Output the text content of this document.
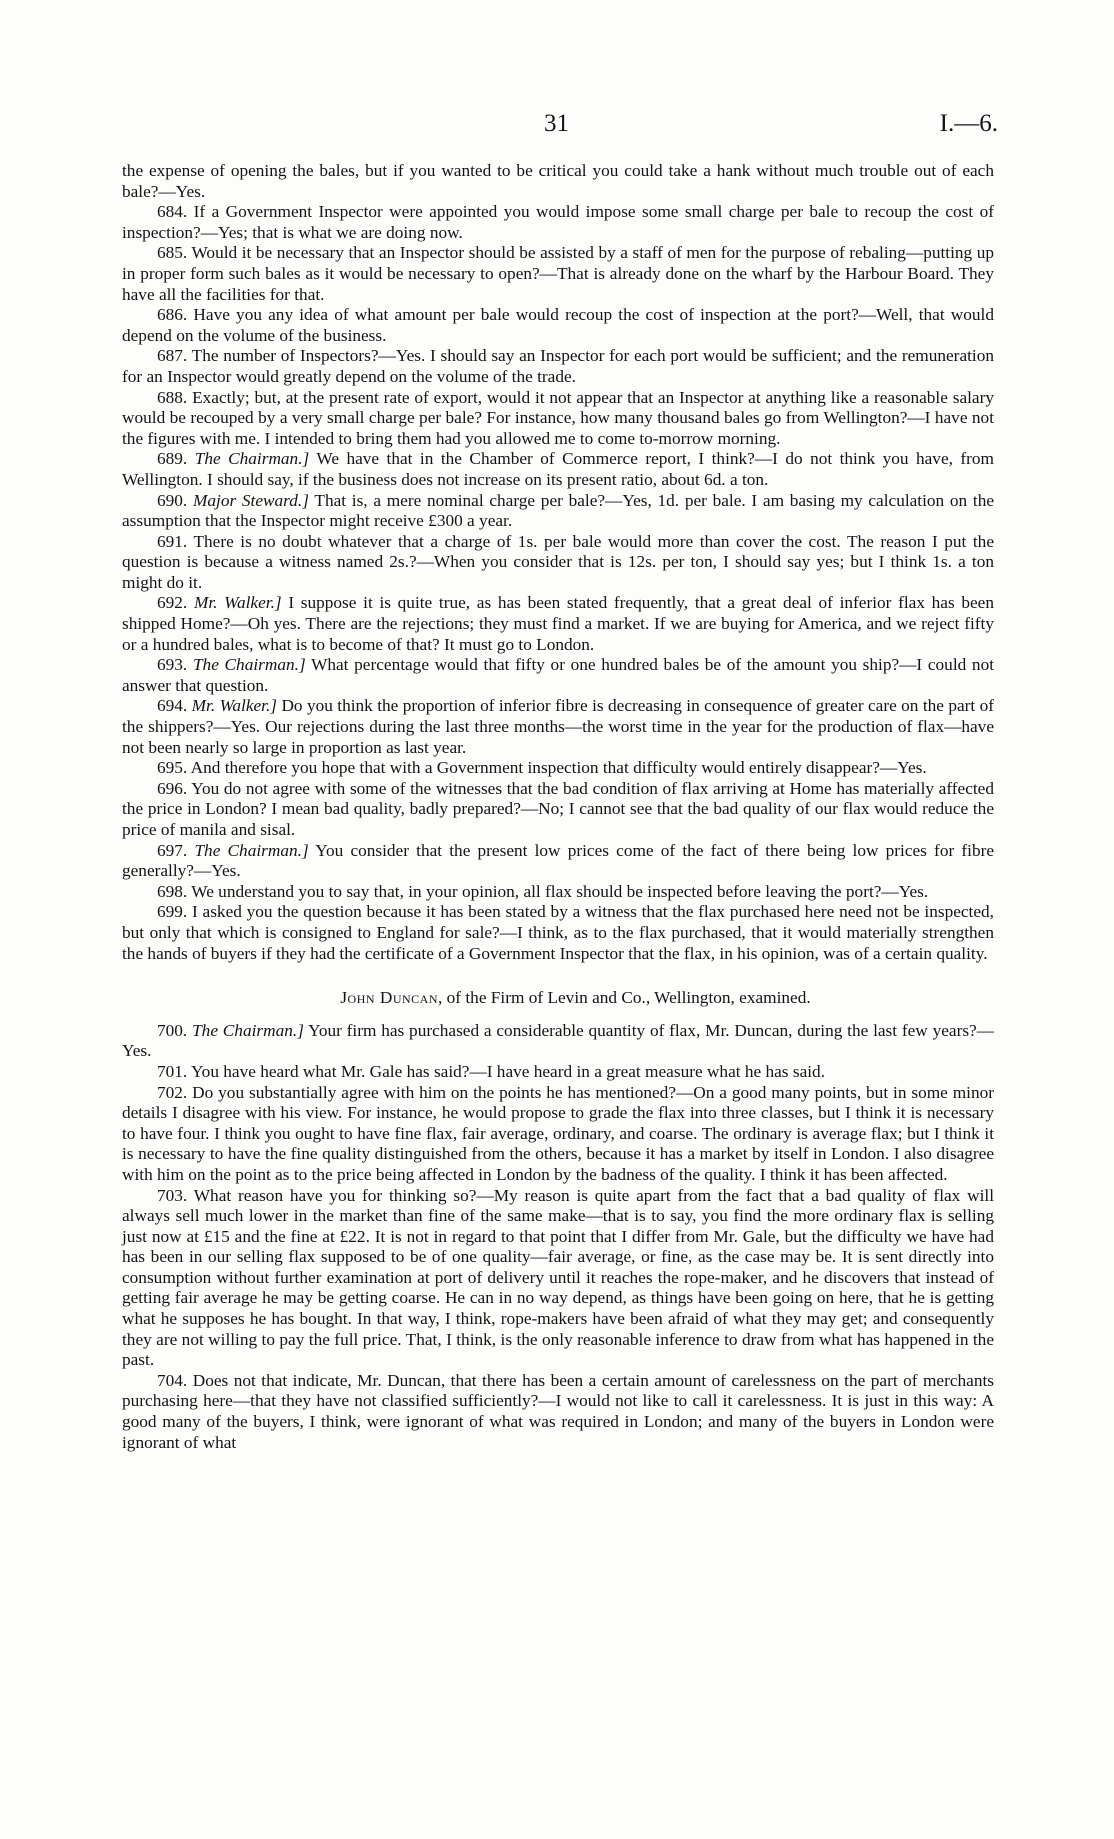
31	I.—6.

the expense of opening the bales, but if you wanted to be critical you could take a hank without much trouble out of each bale?—Yes.

684. If a Government Inspector were appointed you would impose some small charge per bale to recoup the cost of inspection?—Yes; that is what we are doing now.

685. Would it be necessary that an Inspector should be assisted by a staff of men for the purpose of rebaling—putting up in proper form such bales as it would be necessary to open?—That is already done on the wharf by the Harbour Board. They have all the facilities for that.

686. Have you any idea of what amount per bale would recoup the cost of inspection at the port?—Well, that would depend on the volume of the business.

687. The number of Inspectors?—Yes. I should say an Inspector for each port would be sufficient; and the remuneration for an Inspector would greatly depend on the volume of the trade.

688. Exactly; but, at the present rate of export, would it not appear that an Inspector at anything like a reasonable salary would be recouped by a very small charge per bale? For instance, how many thousand bales go from Wellington?—I have not the figures with me. I intended to bring them had you allowed me to come to-morrow morning.

689. The Chairman.] We have that in the Chamber of Commerce report, I think?—I do not think you have, from Wellington. I should say, if the business does not increase on its present ratio, about 6d. a ton.

690. Major Steward.] That is, a mere nominal charge per bale?—Yes, 1d. per bale. I am basing my calculation on the assumption that the Inspector might receive £300 a year.

691. There is no doubt whatever that a charge of 1s. per bale would more than cover the cost. The reason I put the question is because a witness named 2s.?—When you consider that is 12s. per ton, I should say yes; but I think 1s. a ton might do it.

692. Mr. Walker.] I suppose it is quite true, as has been stated frequently, that a great deal of inferior flax has been shipped Home?—Oh yes. There are the rejections; they must find a market. If we are buying for America, and we reject fifty or a hundred bales, what is to become of that? It must go to London.

693. The Chairman.] What percentage would that fifty or one hundred bales be of the amount you ship?—I could not answer that question.

694. Mr. Walker.] Do you think the proportion of inferior fibre is decreasing in consequence of greater care on the part of the shippers?—Yes. Our rejections during the last three months—the worst time in the year for the production of flax—have not been nearly so large in proportion as last year.

695. And therefore you hope that with a Government inspection that difficulty would entirely disappear?—Yes.

696. You do not agree with some of the witnesses that the bad condition of flax arriving at Home has materially affected the price in London? I mean bad quality, badly prepared?—No; I cannot see that the bad quality of our flax would reduce the price of manila and sisal.

697. The Chairman.] You consider that the present low prices come of the fact of there being low prices for fibre generally?—Yes.

698. We understand you to say that, in your opinion, all flax should be inspected before leaving the port?—Yes.

699. I asked you the question because it has been stated by a witness that the flax purchased here need not be inspected, but only that which is consigned to England for sale?—I think, as to the flax purchased, that it would materially strengthen the hands of buyers if they had the certificate of a Government Inspector that the flax, in his opinion, was of a certain quality.

John Duncan, of the Firm of Levin and Co., Wellington, examined.

700. The Chairman.] Your firm has purchased a considerable quantity of flax, Mr. Duncan, during the last few years?—Yes.

701. You have heard what Mr. Gale has said?—I have heard in a great measure what he has said.

702. Do you substantially agree with him on the points he has mentioned?—On a good many points, but in some minor details I disagree with his view. For instance, he would propose to grade the flax into three classes, but I think it is necessary to have four. I think you ought to have fine flax, fair average, ordinary, and coarse. The ordinary is average flax; but I think it is necessary to have the fine quality distinguished from the others, because it has a market by itself in London. I also disagree with him on the point as to the price being affected in London by the badness of the quality. I think it has been affected.

703. What reason have you for thinking so?—My reason is quite apart from the fact that a bad quality of flax will always sell much lower in the market than fine of the same make—that is to say, you find the more ordinary flax is selling just now at £15 and the fine at £22. It is not in regard to that point that I differ from Mr. Gale, but the difficulty we have had has been in our selling flax supposed to be of one quality—fair average, or fine, as the case may be. It is sent directly into consumption without further examination at port of delivery until it reaches the rope-maker, and he discovers that instead of getting fair average he may be getting coarse. He can in no way depend, as things have been going on here, that he is getting what he supposes he has bought. In that way, I think, rope-makers have been afraid of what they may get; and consequently they are not willing to pay the full price. That, I think, is the only reasonable inference to draw from what has happened in the past.

704. Does not that indicate, Mr. Duncan, that there has been a certain amount of carelessness on the part of merchants purchasing here—that they have not classified sufficiently?—I would not like to call it carelessness. It is just in this way: A good many of the buyers, I think, were ignorant of what was required in London; and many of the buyers in London were ignorant of what
